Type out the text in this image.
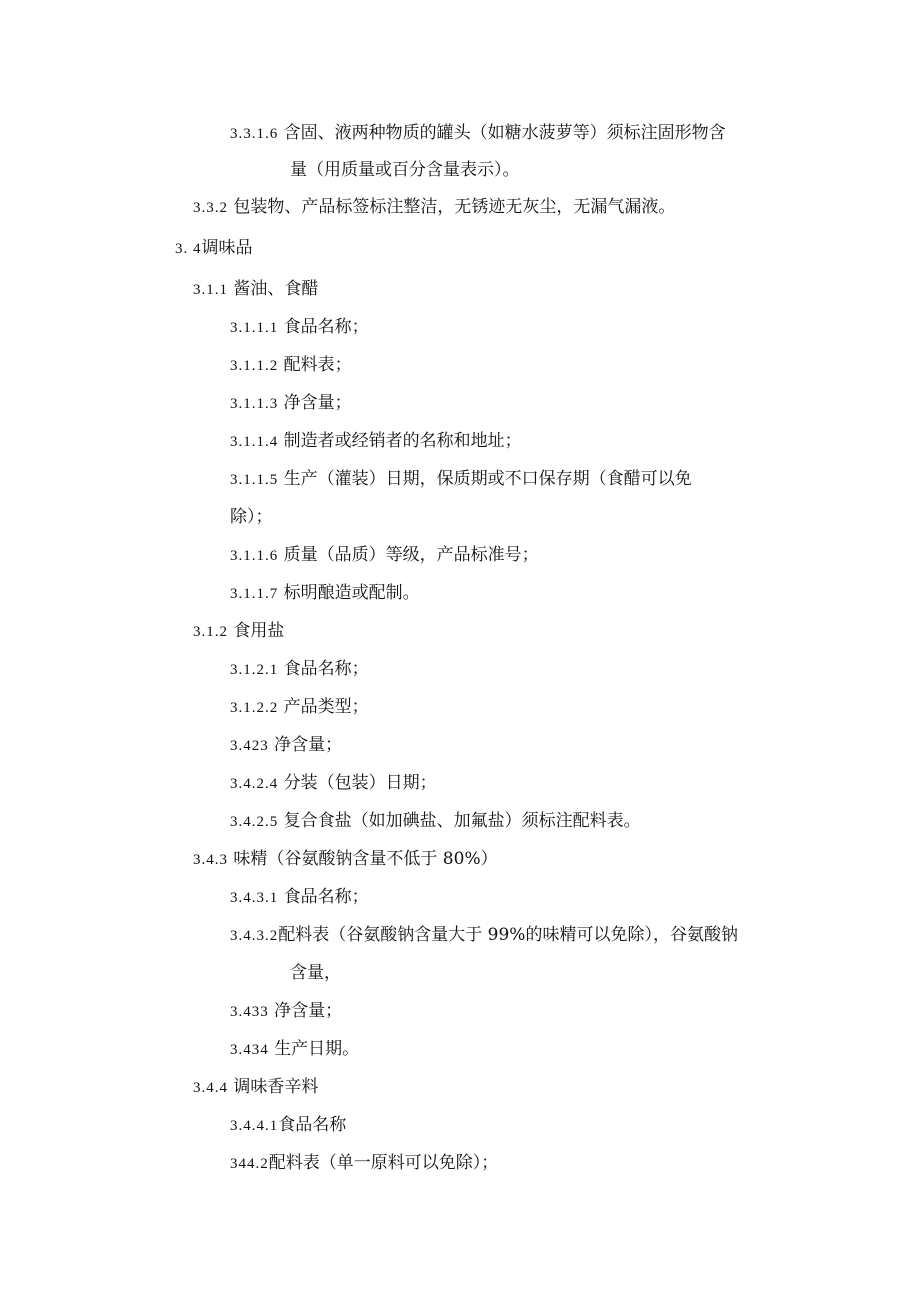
3.3.1.6 含固、液两种物质的罐头（如糖水菠萝等）须标注固形物含
量（用质量或百分含量表示）。
3.3.2 包装物、产品标签标注整洁，无锈迹无灰尘，无漏气漏液。
3. 4调味品
3.1.1 酱油、食醋
3.1.1.1 食品名称；
3.1.1.2 配料表；
3.1.1.3 净含量；
3.1.1.4 制造者或经销者的名称和地址；
3.1.1.5 生产（灌装）日期，保质期或不口保存期（食醋可以免
除）；
3.1.1.6 质量（品质）等级，产品标准号；
3.1.1.7 标明酿造或配制。
3.1.2 食用盐
3.1.2.1 食品名称；
3.1.2.2 产品类型；
3.423 净含量；
3.4.2.4 分装（包装）日期；
3.4.2.5 复合食盐（如加碘盐、加氟盐）须标注配料表。
3.4.3 味精（谷氨酸钠含量不低于 80%）
3.4.3.1 食品名称；
3.4.3.2配料表（谷氨酸钠含量大于 99%的味精可以免除），谷氨酸钠
含量，
3.433 净含量；
3.434 生产日期。
3.4.4 调味香辛料
3.4.4.1食品名称
344.2配料表（单一原料可以免除）；
